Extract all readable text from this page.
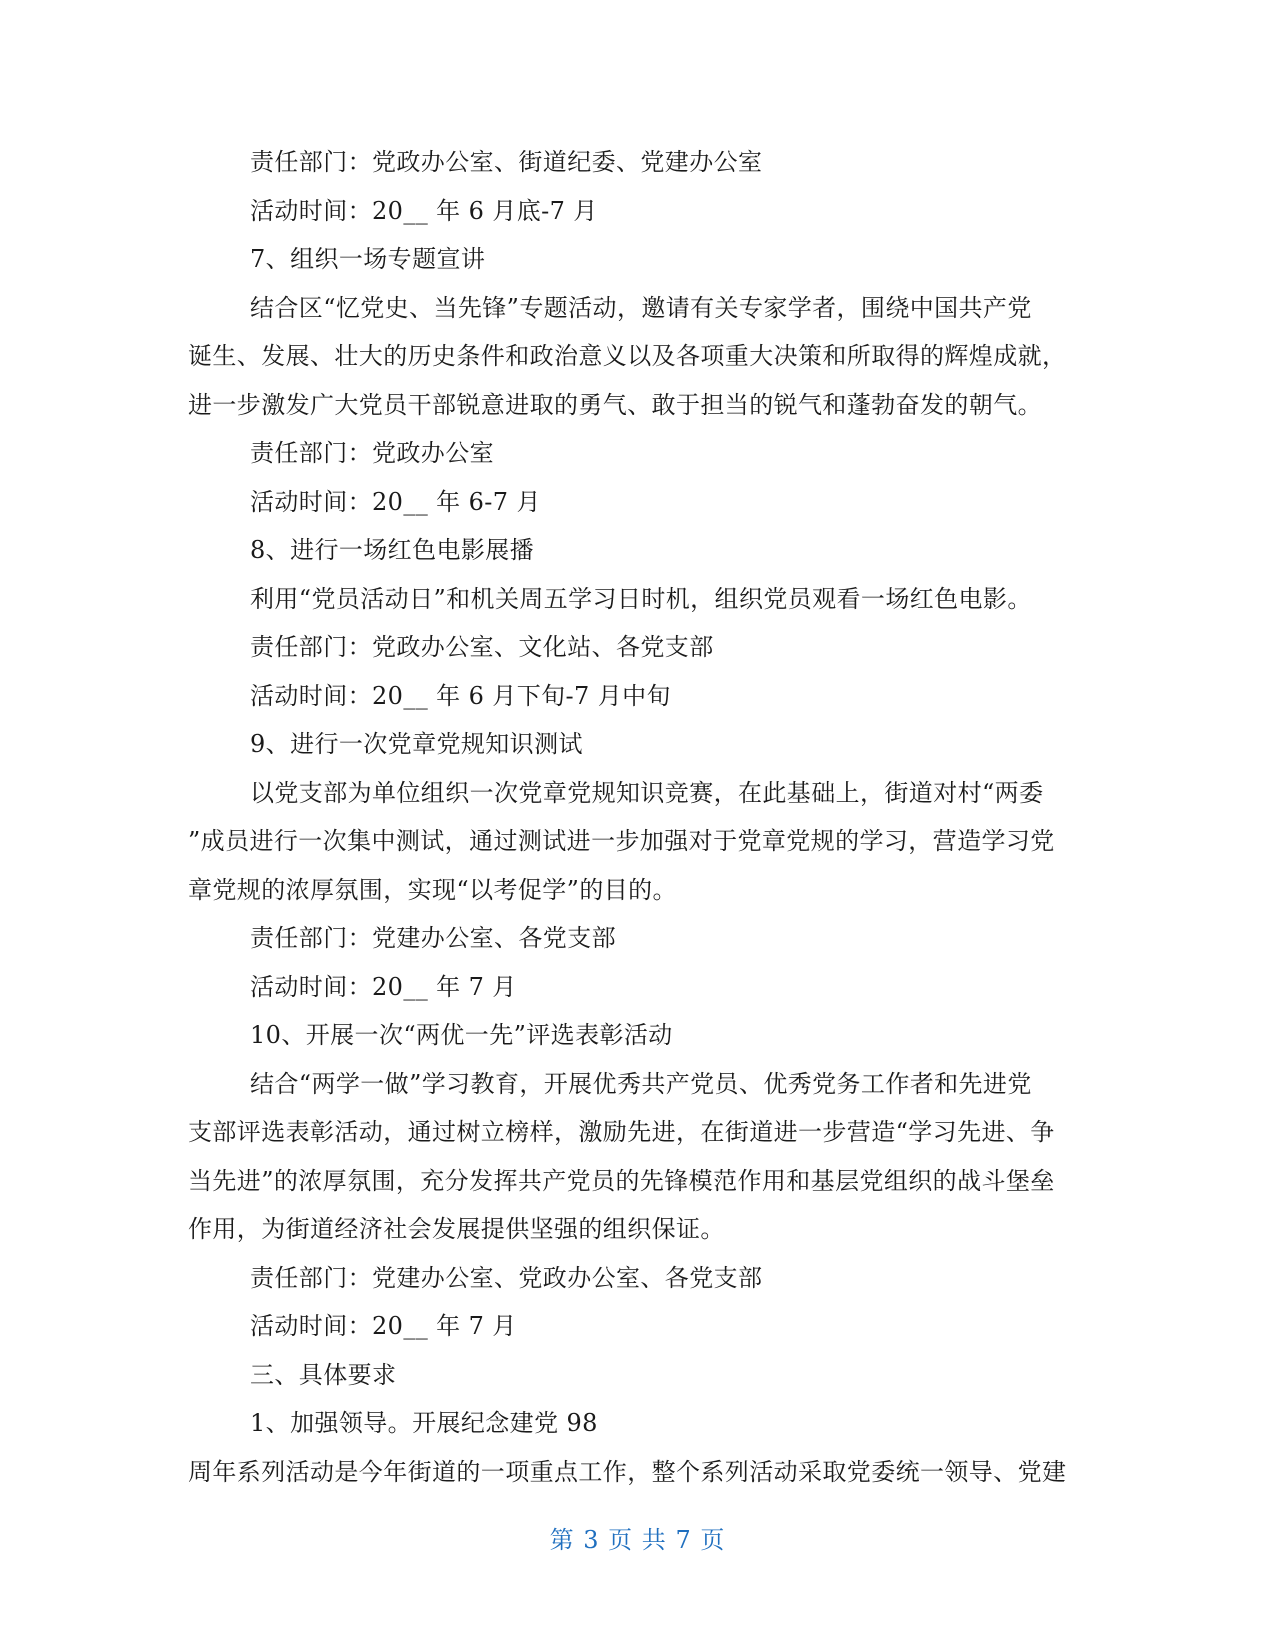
责任部门：党政办公室、街道纪委、党建办公室
活动时间：20__ 年 6 月底-7 月
7、组织一场专题宣讲
结合区“忆党史、当先锋”专题活动，邀请有关专家学者，围绕中国共产党
诞生、发展、壮大的历史条件和政治意义以及各项重大决策和所取得的辉煌成就，
进一步激发广大党员干部锐意进取的勇气、敢于担当的锐气和蓬勃奋发的朝气。
责任部门：党政办公室
活动时间：20__ 年 6-7 月
8、进行一场红色电影展播
利用“党员活动日”和机关周五学习日时机，组织党员观看一场红色电影。
责任部门：党政办公室、文化站、各党支部
活动时间：20__ 年 6 月下旬-7 月中旬
9、进行一次党章党规知识测试
以党支部为单位组织一次党章党规知识竞赛，在此基础上，街道对村“两委
”成员进行一次集中测试，通过测试进一步加强对于党章党规的学习，营造学习党
章党规的浓厚氛围，实现“以考促学”的目的。
责任部门：党建办公室、各党支部
活动时间：20__ 年 7 月
10、开展一次“两优一先”评选表彰活动
结合“两学一做”学习教育，开展优秀共产党员、优秀党务工作者和先进党
支部评选表彰活动，通过树立榜样，激励先进，在街道进一步营造“学习先进、争
当先进”的浓厚氛围，充分发挥共产党员的先锋模范作用和基层党组织的战斗堡垒
作用，为街道经济社会发展提供坚强的组织保证。
责任部门：党建办公室、党政办公室、各党支部
活动时间：20__ 年 7 月
三、具体要求
1、加强领导。开展纪念建党 98
周年系列活动是今年街道的一项重点工作，整个系列活动采取党委统一领导、党建
第 3 页 共 7 页
